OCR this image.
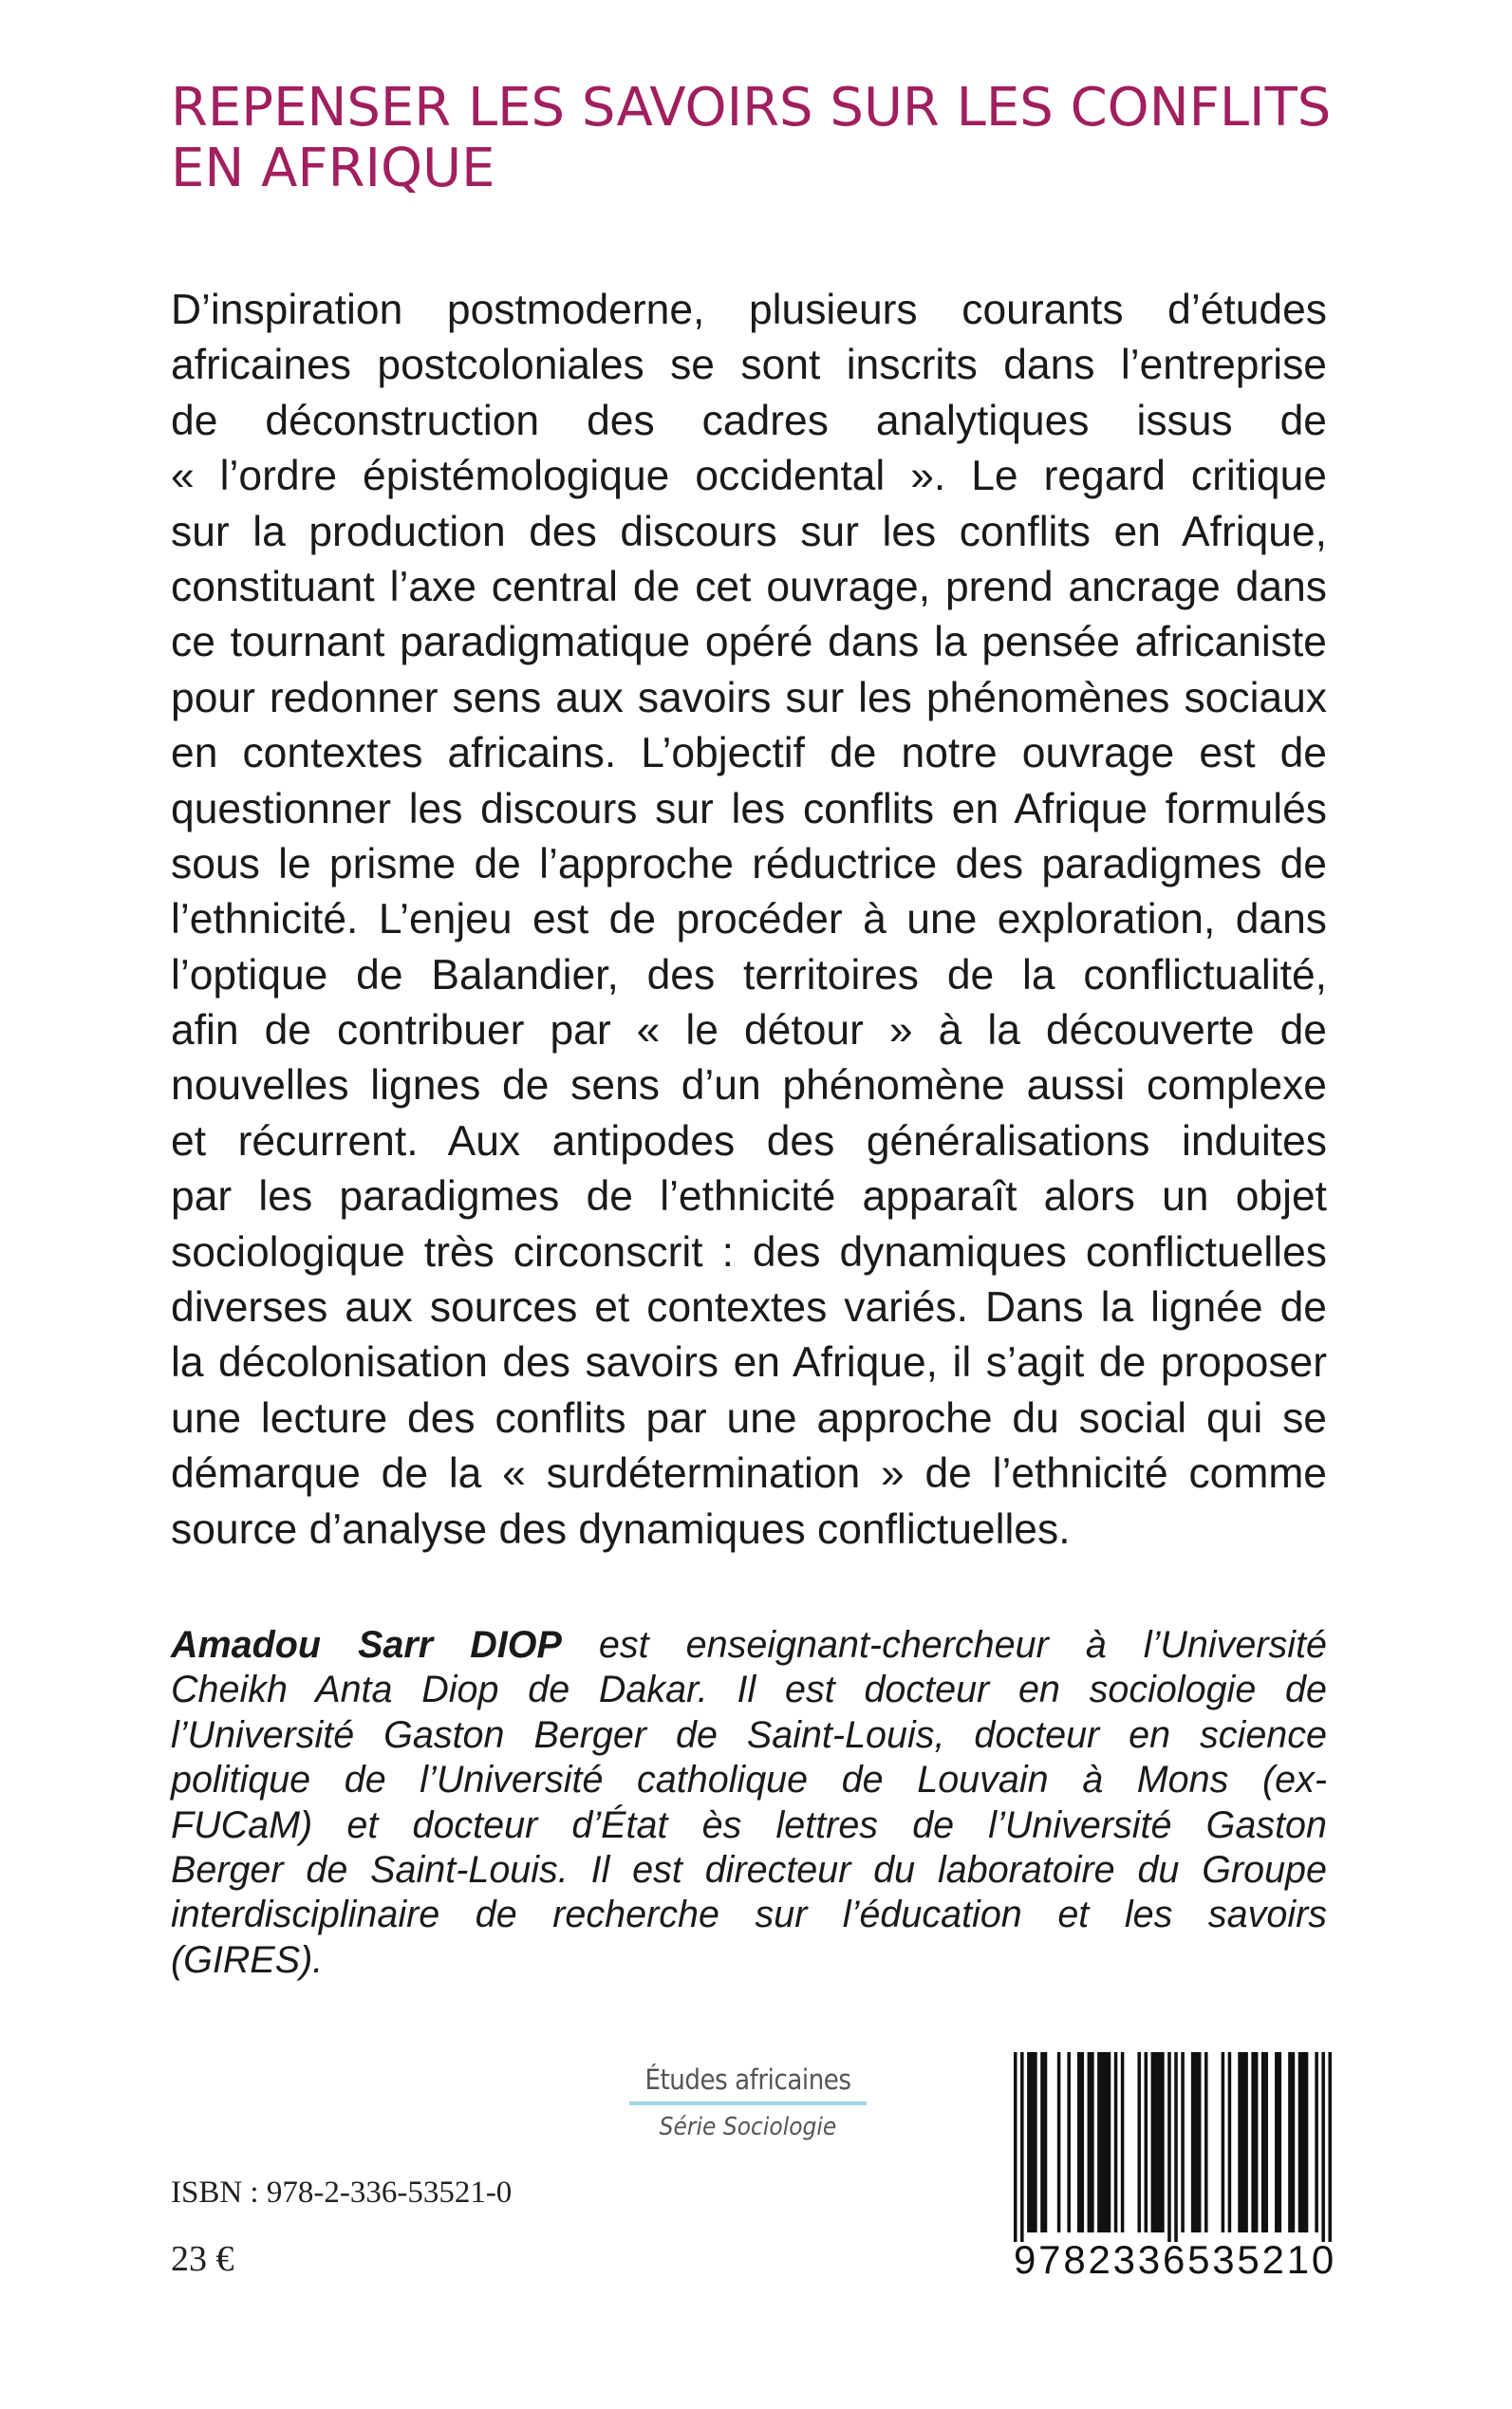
REPENSER LES SAVOIRS SUR LES CONFLITS
EN AFRIQUE
D’inspiration postmoderne, plusieurs courants d’études
africaines postcoloniales se sont inscrits dans l’entreprise
de déconstruction des cadres analytiques issus de
« l’ordre épistémologique occidental ». Le regard critique
sur la production des discours sur les conflits en Afrique,
constituant l’axe central de cet ouvrage, prend ancrage dans
ce tournant paradigmatique opéré dans la pensée africaniste
pour redonner sens aux savoirs sur les phénomènes sociaux
en contextes africains. L’objectif de notre ouvrage est de
questionner les discours sur les conflits en Afrique formulés
sous le prisme de l’approche réductrice des paradigmes de
l’ethnicité. L’enjeu est de procéder à une exploration, dans
l’optique de Balandier, des territoires de la conflictualité,
afin de contribuer par « le détour » à la découverte de
nouvelles lignes de sens d’un phénomène aussi complexe
et récurrent. Aux antipodes des généralisations induites
par les paradigmes de l’ethnicité apparaît alors un objet
sociologique très circonscrit : des dynamiques conflictuelles
diverses aux sources et contextes variés. Dans la lignée de
la décolonisation des savoirs en Afrique, il s’agit de proposer
une lecture des conflits par une approche du social qui se
démarque de la « surdétermination » de l’ethnicité comme
source d’analyse des dynamiques conflictuelles.
Amadou Sarr DIOP est enseignant-chercheur à l’Université
Cheikh Anta Diop de Dakar. Il est docteur en sociologie de
l’Université Gaston Berger de Saint-Louis, docteur en science
politique de l’Université catholique de Louvain à Mons (ex-
FUCaM) et docteur d’État ès lettres de l’Université Gaston
Berger de Saint-Louis. Il est directeur du laboratoire du Groupe
interdisciplinaire de recherche sur l’éducation et les savoirs
(GIRES).
Études africaines
Série Sociologie
ISBN : 978-2-336-53521-0
23 €	9782336535210
